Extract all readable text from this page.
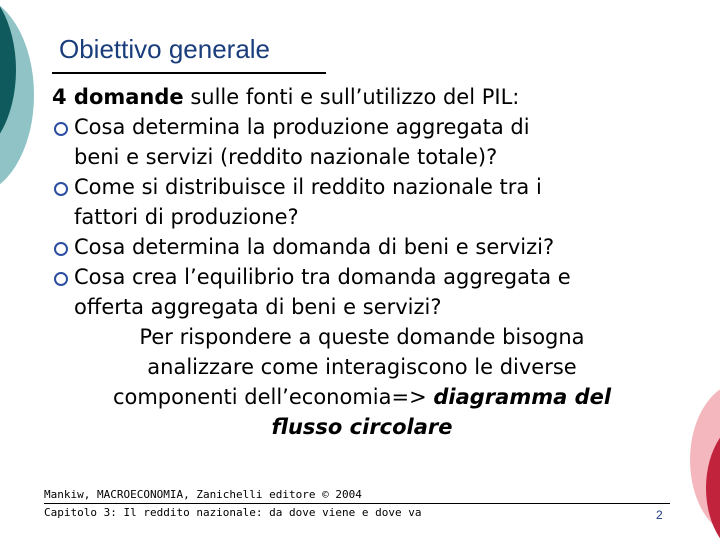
Obiettivo generale
4 domande sulle fonti e sull’utilizzo del PIL:
Cosa determina la produzione aggregata di
beni e servizi (reddito nazionale totale)?
Come si distribuisce il reddito nazionale tra i
fattori di produzione?
Cosa determina la domanda di beni e servizi?
Cosa crea l’equilibrio tra domanda aggregata e
offerta aggregata di beni e servizi?
Per rispondere a queste domande bisogna
analizzare come interagiscono le diverse
componenti dell’economia=> diagramma del
flusso circolare
Mankiw, MACROECONOMIA, Zanichelli editore © 2004
Capitolo 3: Il reddito nazionale: da dove viene e dove va	2
